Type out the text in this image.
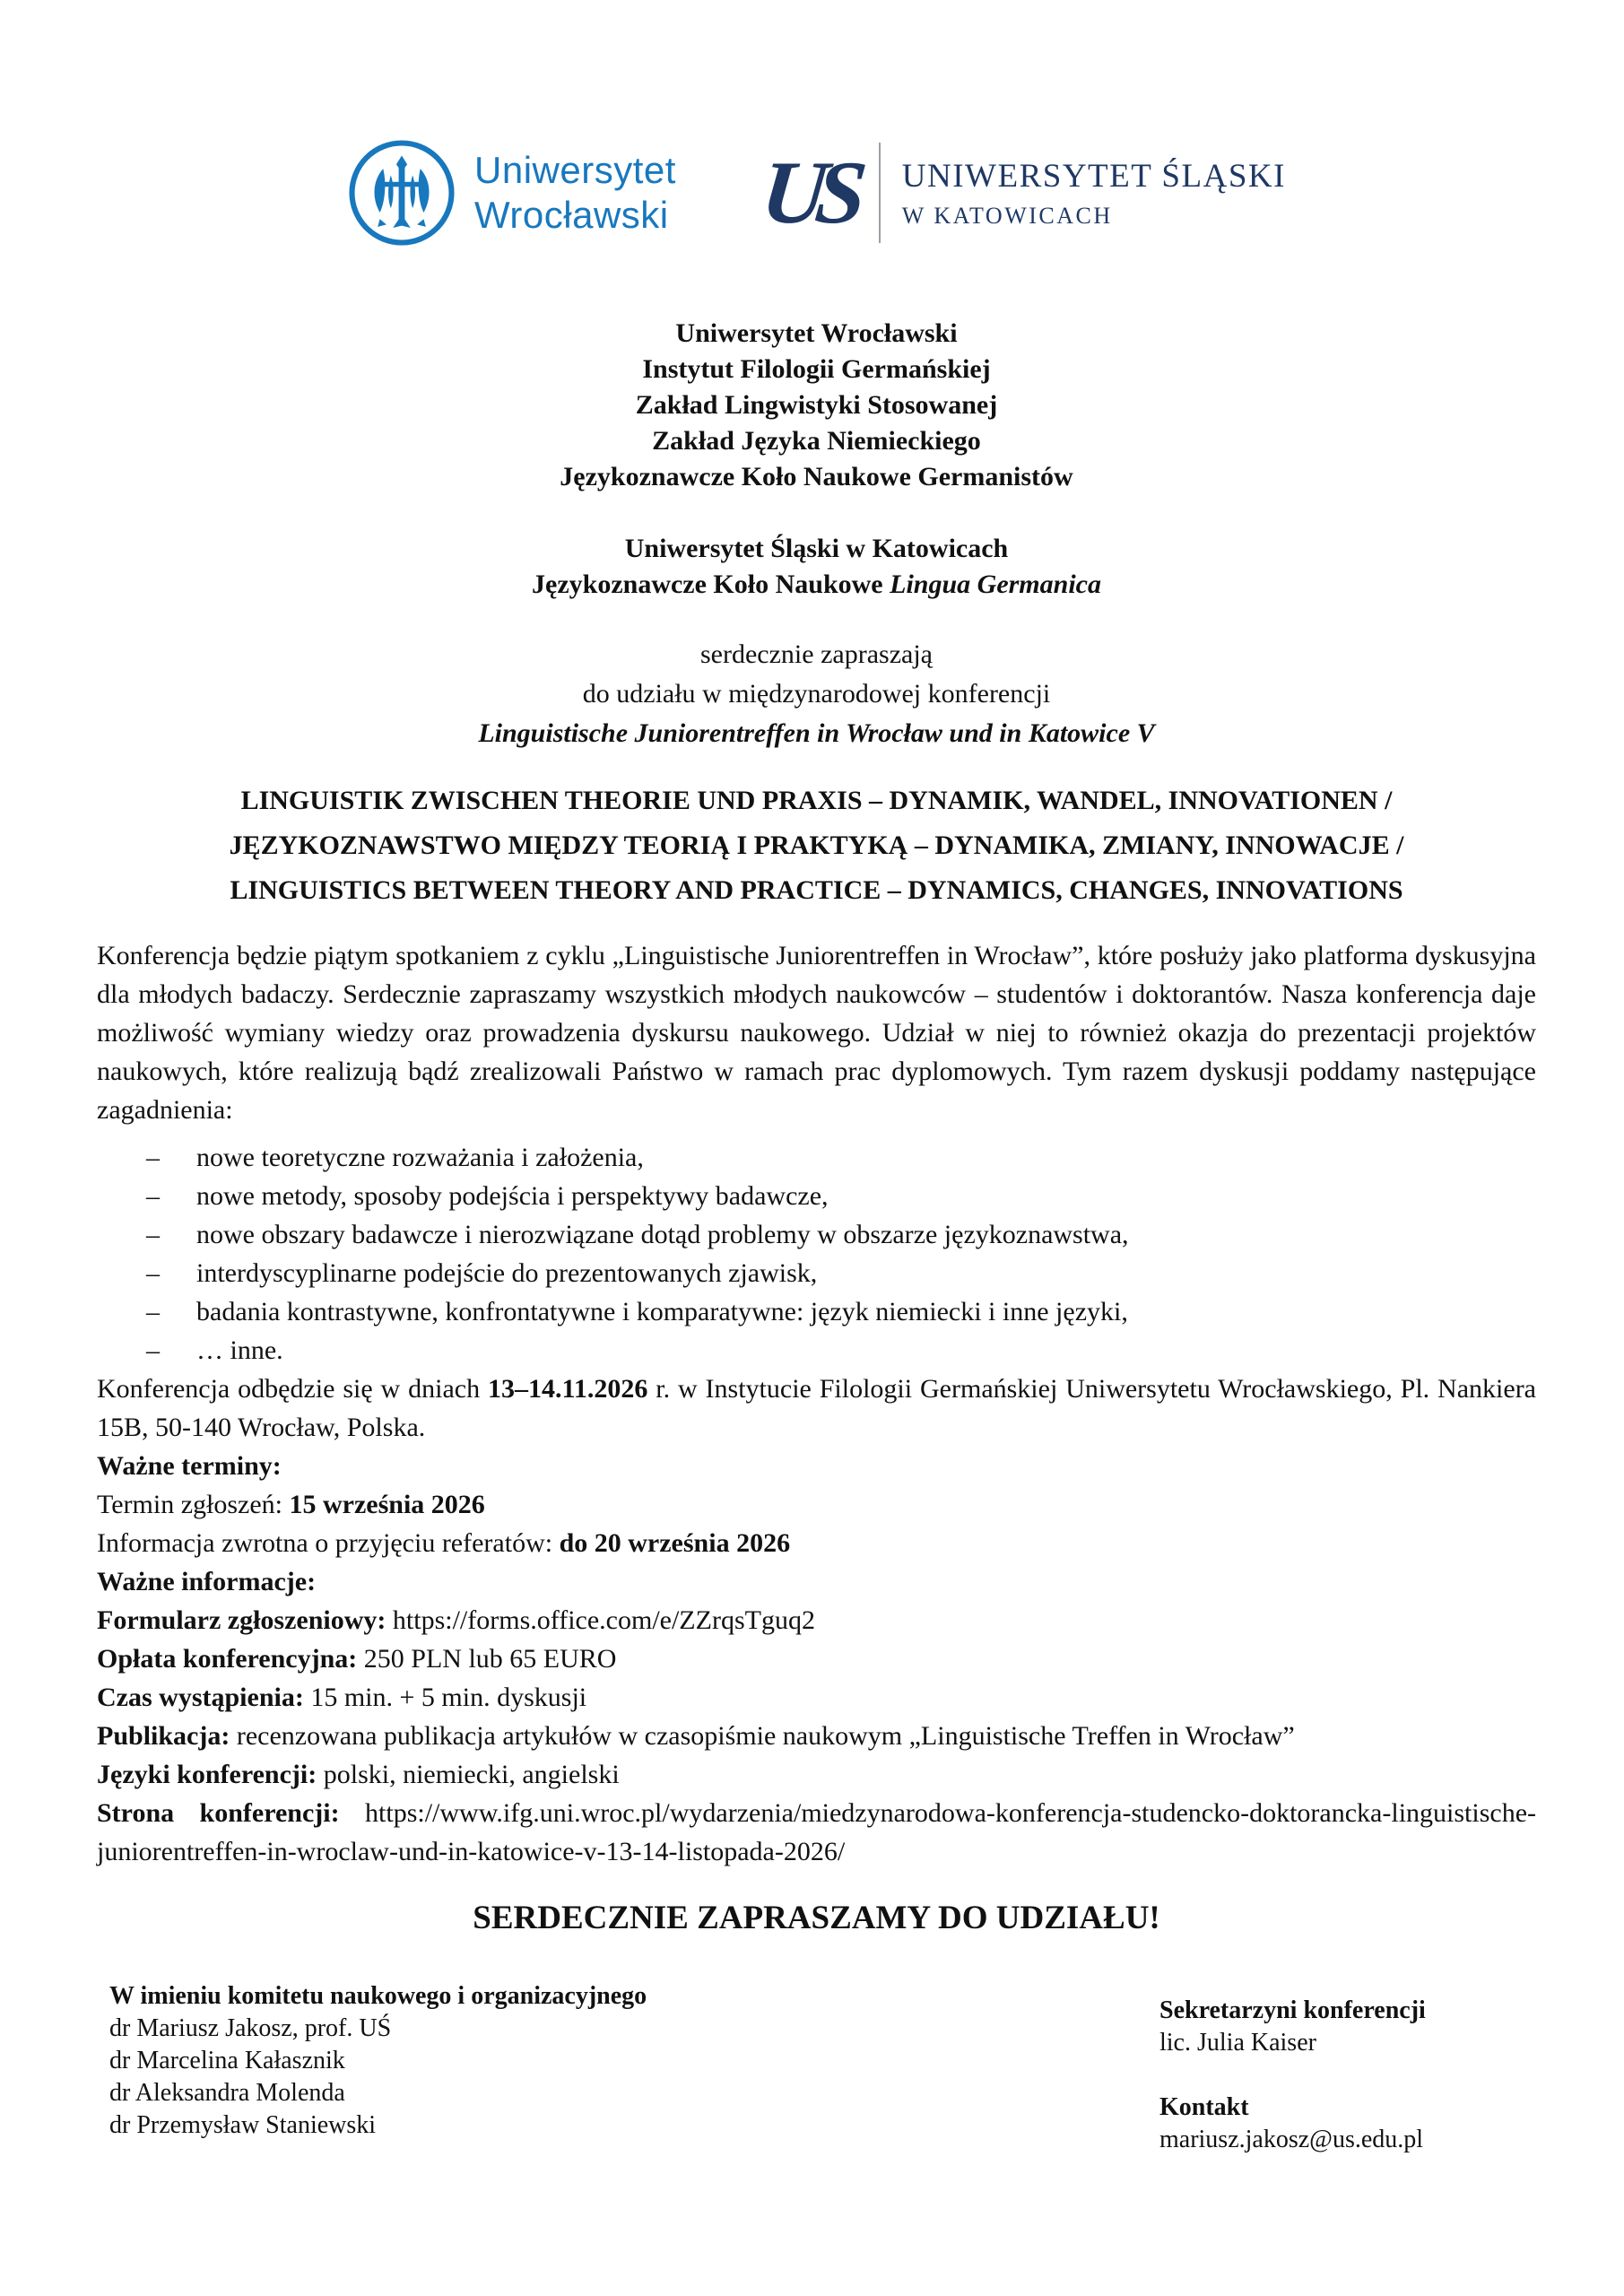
Uniwersytet
Wrocławski US	UNIWERSYTET ŚLĄSKI
W KATOWICACH
Uniwersytet Wrocławski
Instytut Filologii Germańskiej
Zakład Lingwistyki Stosowanej
Zakład Języka Niemieckiego
Językoznawcze Koło Naukowe Germanistów
Uniwersytet Śląski w Katowicach
Językoznawcze Koło Naukowe Lingua Germanica
serdecznie zapraszają
do udziału w międzynarodowej konferencji
Linguistische Juniorentreffen in Wrocław und in Katowice V
LINGUISTIK ZWISCHEN THEORIE UND PRAXIS – DYNAMIK, WANDEL, INNOVATIONEN /
JĘZYKOZNAWSTWO MIĘDZY TEORIĄ I PRAKTYKĄ – DYNAMIKA, ZMIANY, INNOWACJE /
LINGUISTICS BETWEEN THEORY AND PRACTICE – DYNAMICS, CHANGES, INNOVATIONS
Konferencja będzie piątym spotkaniem z cyklu „Linguistische Juniorentreffen in Wrocław”, które posłuży jako platforma dyskusyjna dla młodych badaczy. Serdecznie zapraszamy wszystkich młodych naukowców – studentów i doktorantów. Nasza konferencja daje możliwość wymiany wiedzy oraz prowadzenia dyskursu naukowego. Udział w niej to również okazja do prezentacji projektów naukowych, które realizują bądź zrealizowali Państwo w ramach prac dyplomowych. Tym razem dyskusji poddamy następujące zagadnienia:
– nowe teoretyczne rozważania i założenia,
– nowe metody, sposoby podejścia i perspektywy badawcze,
– nowe obszary badawcze i nierozwiązane dotąd problemy w obszarze językoznawstwa,
– interdyscyplinarne podejście do prezentowanych zjawisk,
– badania kontrastywne, konfrontatywne i komparatywne: język niemiecki i inne języki,
– … inne.
Konferencja odbędzie się w dniach 13–14.11.2026 r. w Instytucie Filologii Germańskiej Uniwersytetu Wrocławskiego, Pl. Nankiera 15B, 50-140 Wrocław, Polska.
Ważne terminy:
Termin zgłoszeń: 15 września 2026
Informacja zwrotna o przyjęciu referatów: do 20 września 2026
Ważne informacje:
Formularz zgłoszeniowy: https://forms.office.com/e/ZZrqsTguq2
Opłata konferencyjna: 250 PLN lub 65 EURO
Czas wystąpienia: 15 min. + 5 min. dyskusji
Publikacja: recenzowana publikacja artykułów w czasopiśmie naukowym „Linguistische Treffen in Wrocław”
Języki konferencji: polski, niemiecki, angielski
Strona konferencji: https://www.ifg.uni.wroc.pl/wydarzenia/miedzynarodowa-konferencja-studencko-doktorancka-linguistische-juniorentreffen-in-wroclaw-und-in-katowice-v-13-14-listopada-2026/
SERDECZNIE ZAPRASZAMY DO UDZIAŁU!
W imieniu komitetu naukowego i organizacyjnego
dr Mariusz Jakosz, prof. UŚ
dr Marcelina Kałasznik
dr Aleksandra Molenda
dr Przemysław Staniewski
Sekretarzyni konferencji
lic. Julia Kaiser
Kontakt
mariusz.jakosz@us.edu.pl
